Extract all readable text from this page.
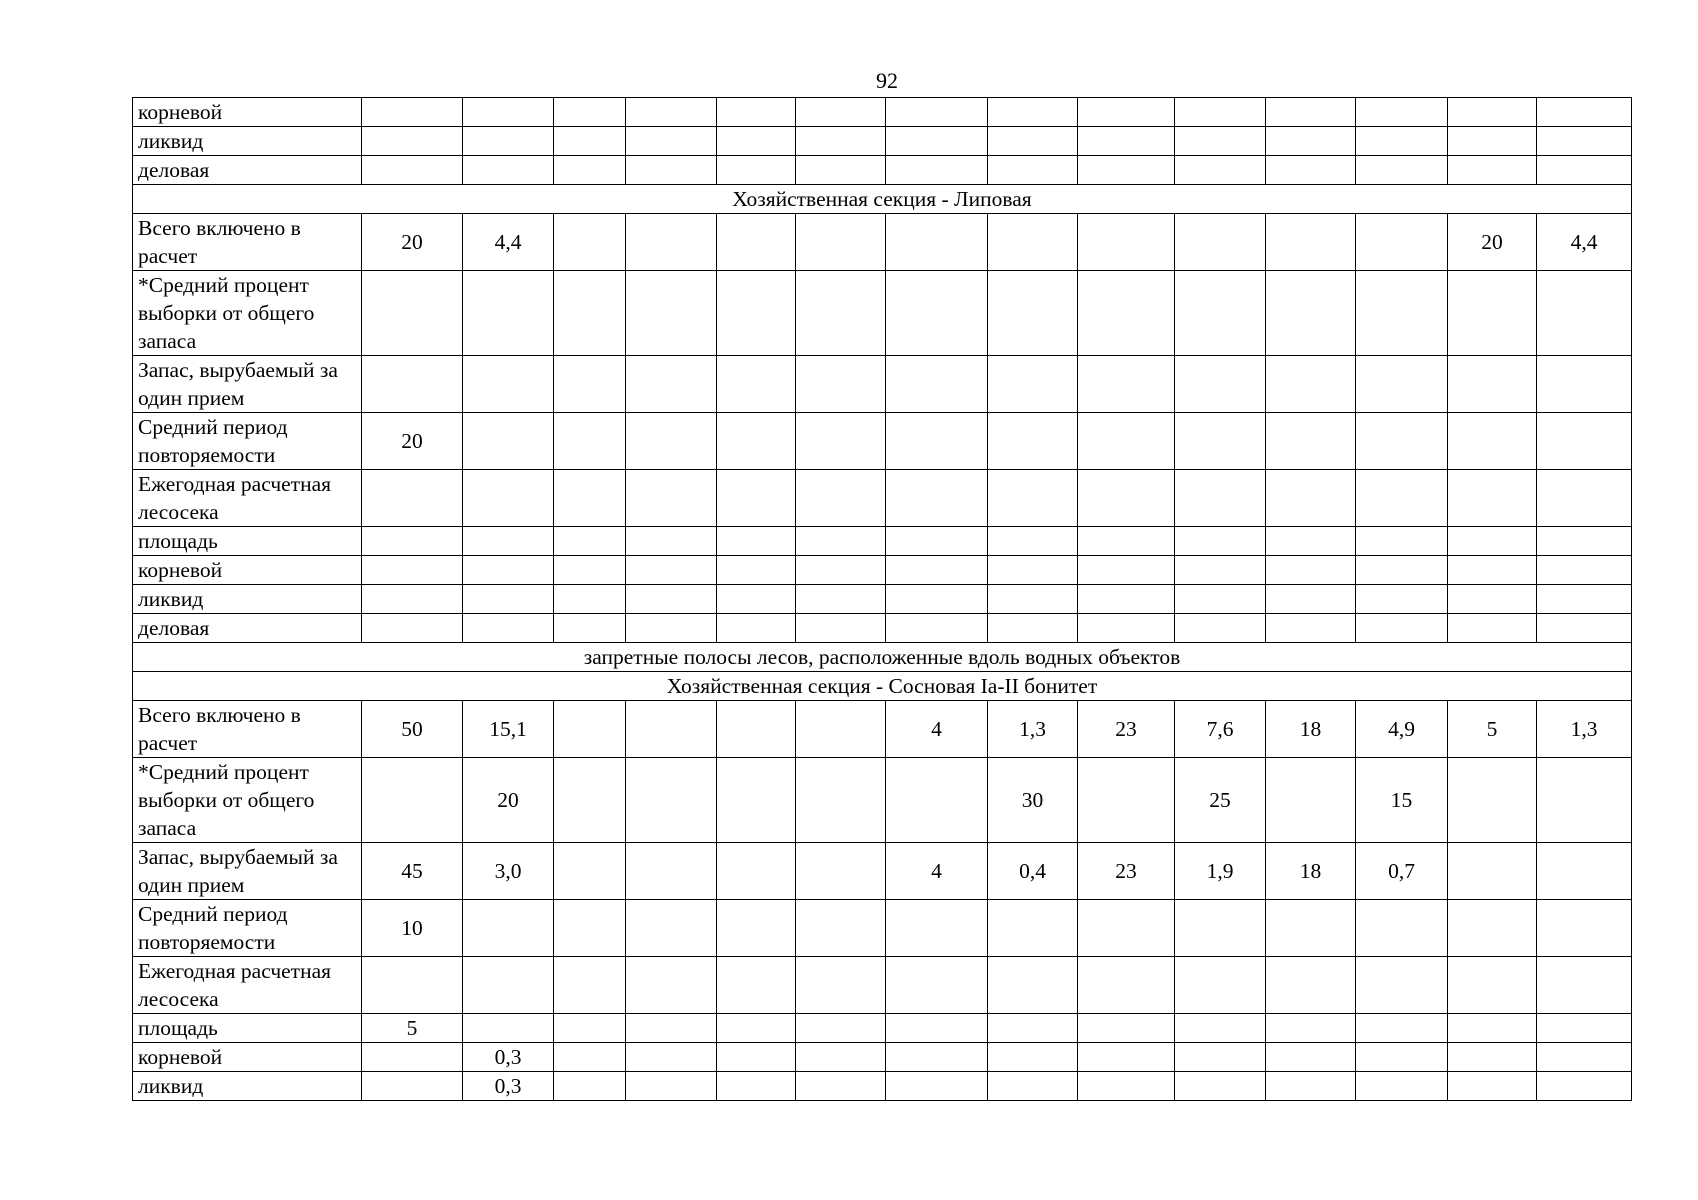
92
корневой														
ликвид														
деловая														
Хозяйственная секция - Липовая														
Всего включено в расчет	20	4,4											20	4,4
*Средний процент выборки от общего запаса														
Запас, вырубаемый за один прием														
Средний период повторяемости	20													
Ежегодная расчетная лесосека														
площадь														
корневой														
ликвид														
деловая														
запретные полосы лесов, расположенные вдоль водных объектов														
Хозяйственная секция - Сосновая Ia-II бонитет														
Всего включено в расчет	50	15,1					4	1,3	23	7,6	18	4,9	5	1,3
*Средний процент выборки от общего запаса		20						30		25		15		
Запас, вырубаемый за один прием	45	3,0					4	0,4	23	1,9	18	0,7		
Средний период повторяемости	10													
Ежегодная расчетная лесосека														
площадь	5													
корневой		0,3												
ликвид		0,3												
